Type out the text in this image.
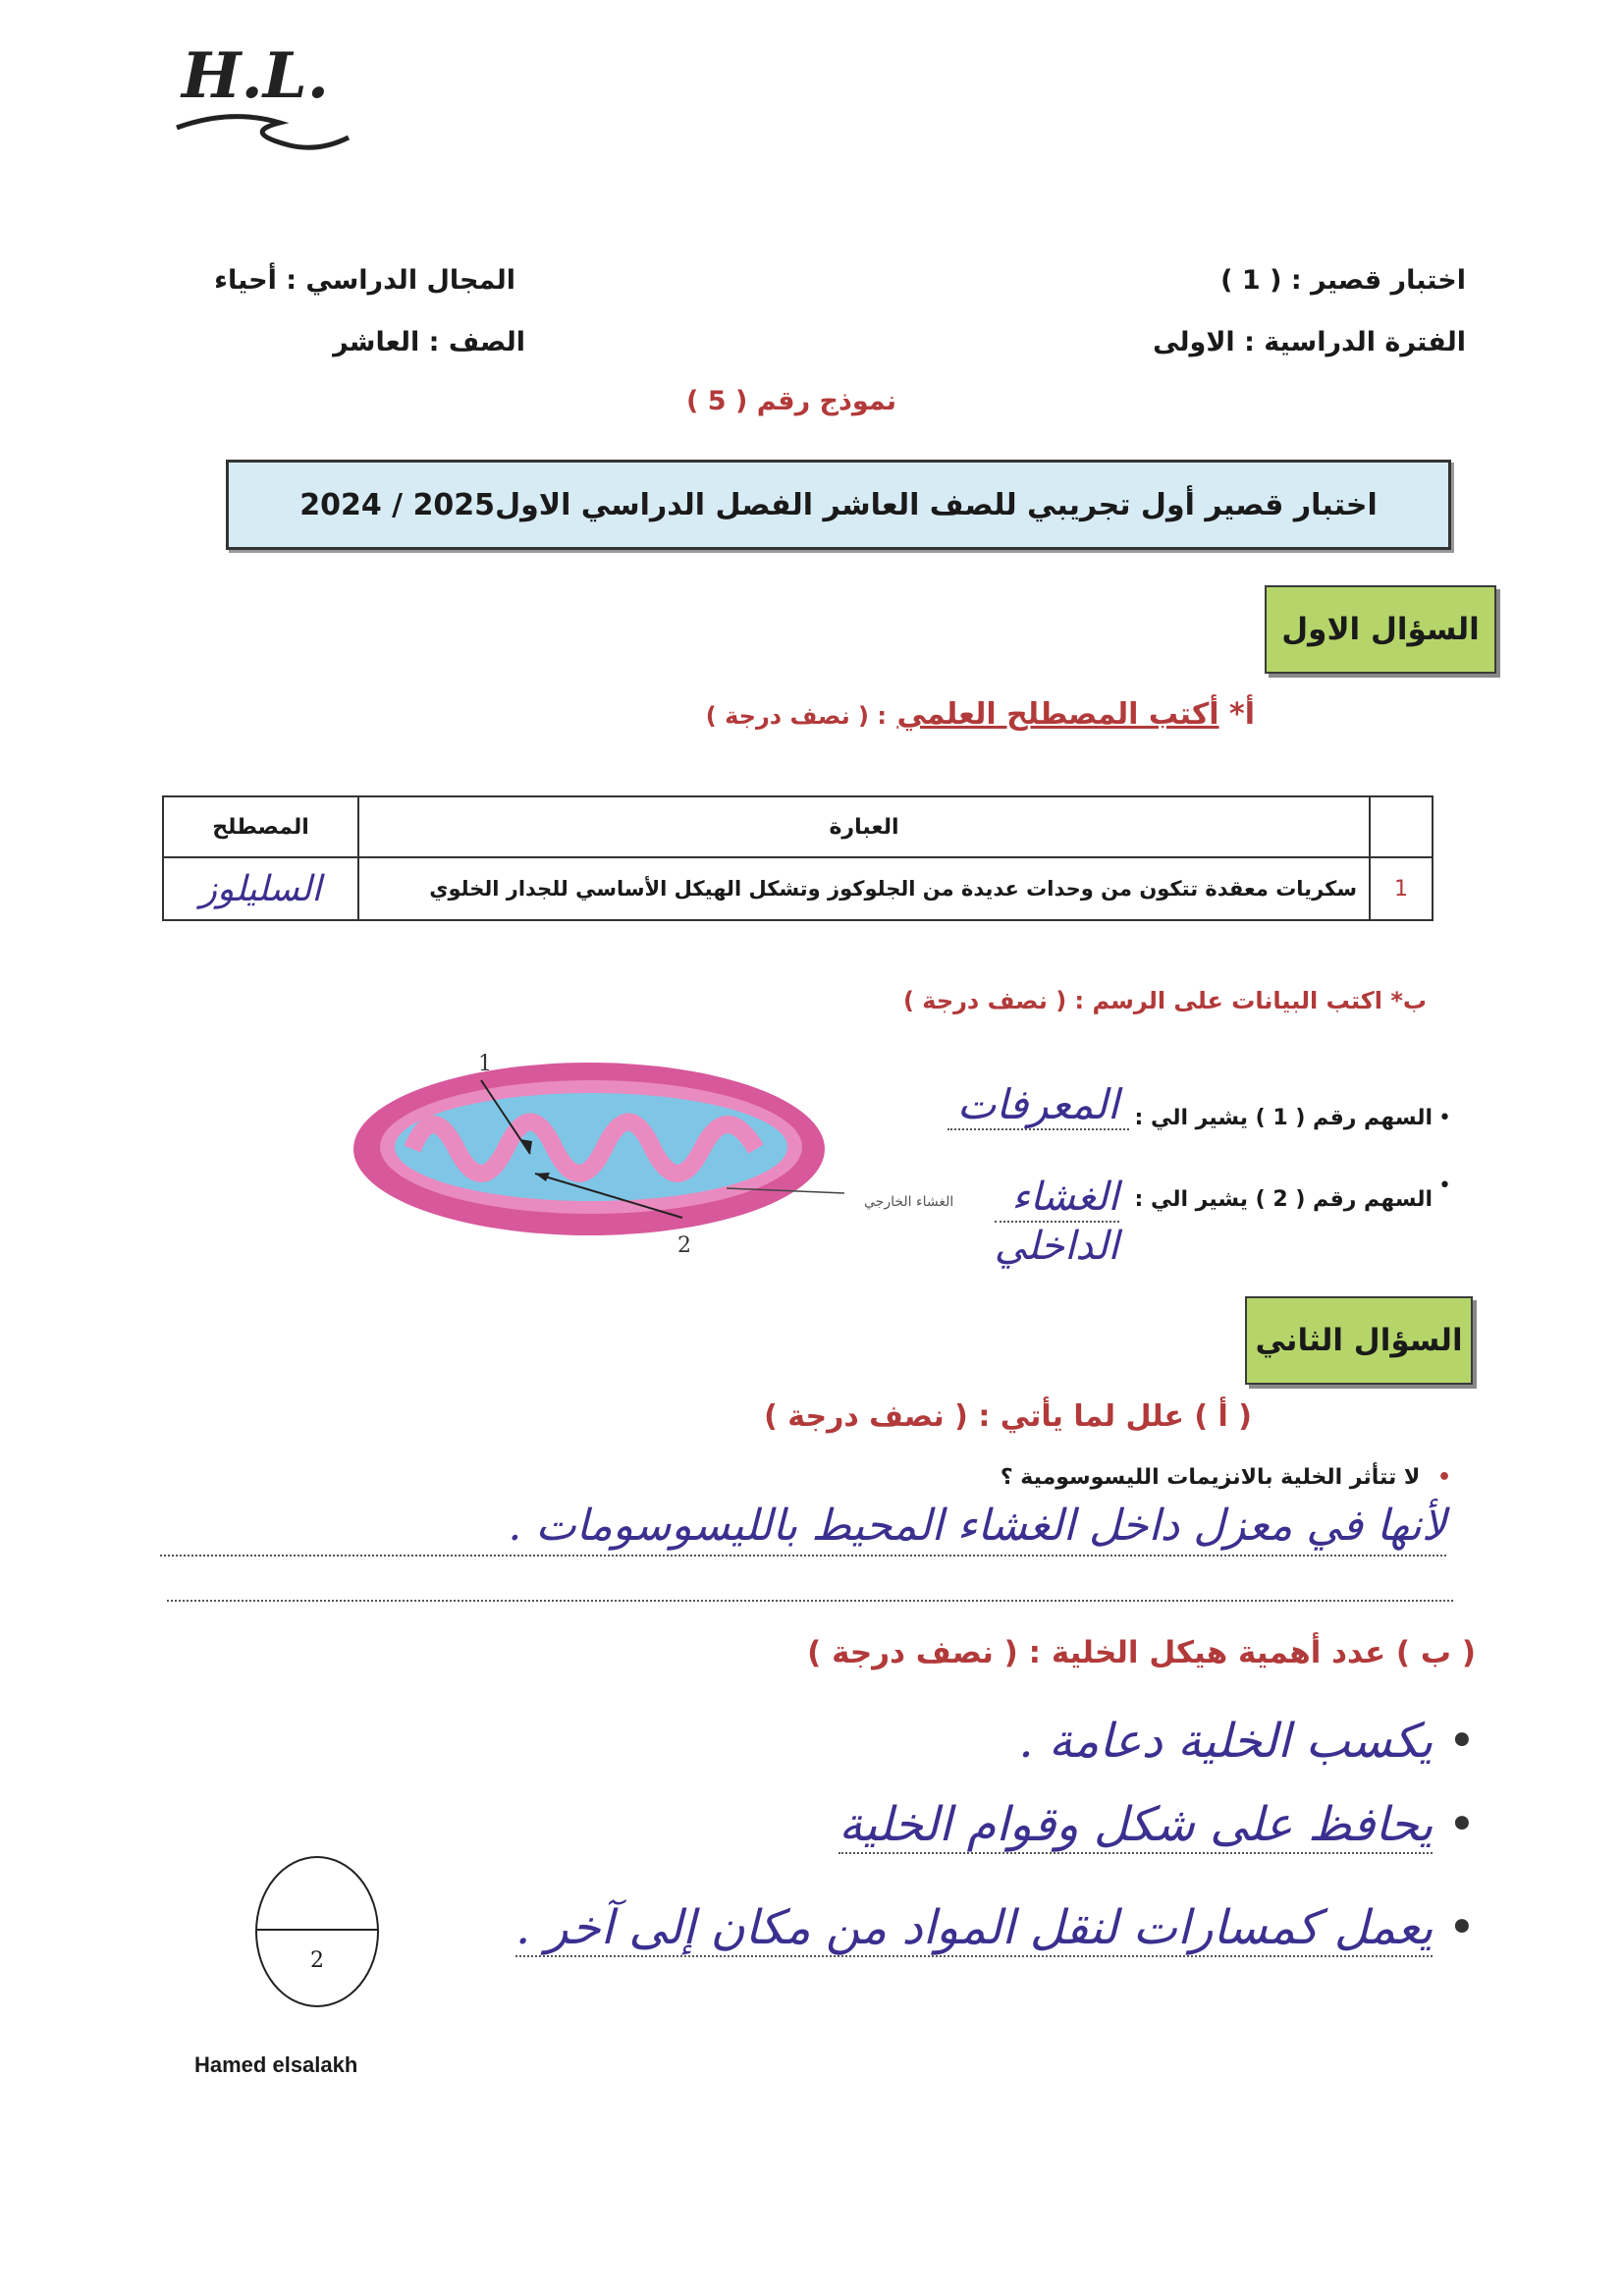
H.L.
اختبار قصير : ( 1 )
الفترة الدراسية : الاولى
المجال الدراسي : أحياء
الصف : العاشر
نموذج رقم ( 5 )
اختبار قصير أول تجريبي للصف العاشر الفصل الدراسي الاول2025 / 2024
السؤال الاول
أ* أكتب المصطلح العلمي : ( نصف درجة )
	العبارة	المصطلح
1	سكريات معقدة تتكون من وحدات عديدة من الجلوكوز وتشكل الهيكل الأساسي للجدار الخلوي	السليلوز
ب* اكتب البيانات على الرسم : ( نصف درجة )
1
2
الغشاء الخارجي
•
السهم رقم ( 1 ) يشير الي :
المعرفات
•
السهم رقم ( 2 ) يشير الي :
الغشاء
الداخلي
السؤال الثاني
( أ ) علل لما يأتي : ( نصف درجة )
• لا تتأثر الخلية بالانزيمات الليسوسومية ؟
لأنها في معزل داخل الغشاء المحيط بالليسوسومات .
( ب ) عدد أهمية هيكل الخلية : ( نصف درجة )
• يكسب الخلية دعامة .
• يحافظ على شكل وقوام الخلية
• يعمل كمسارات لنقل المواد من مكان إلى آخر .
2
Hamed elsalakh
